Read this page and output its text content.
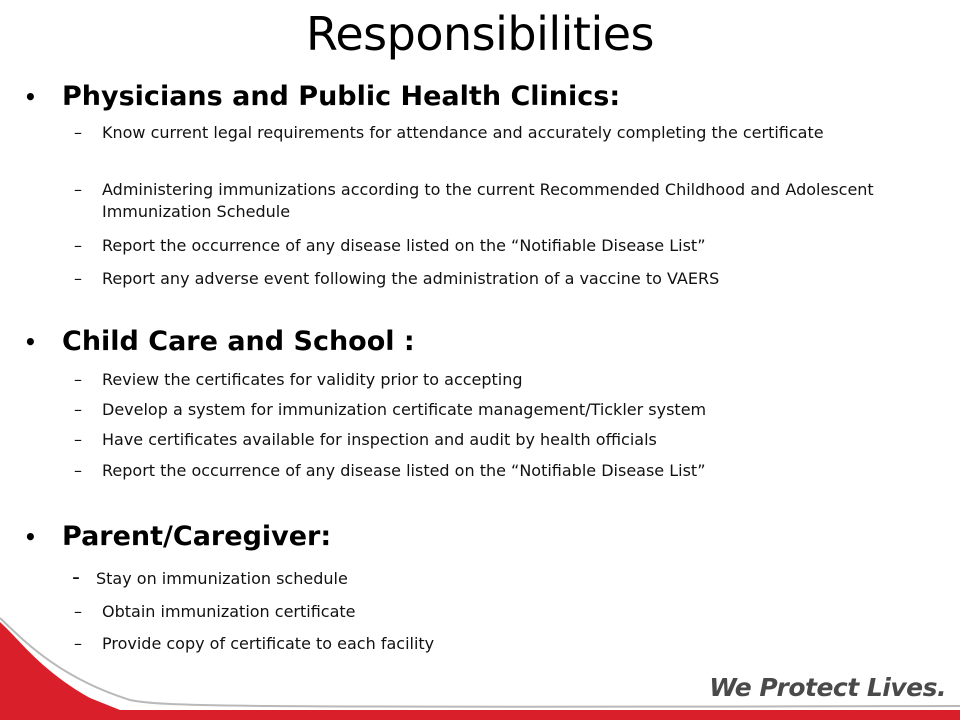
Responsibilities
• Physicians and Public Health Clinics:
–	Know current legal requirements for attendance and accurately completing the certificate
–	Administering immunizations according to the current Recommended Childhood and Adolescent Immunization Schedule
–	Report the occurrence of any disease listed on the “Notifiable Disease List”
–	Report any adverse event following the administration of a vaccine to VAERS
• Child Care and School :
–	Review the certificates for validity prior to accepting
–	Develop a system for immunization certificate management/Tickler system
–	Have certificates available for inspection and audit by health officials
–	Report the occurrence of any disease listed on the “Notifiable Disease List”
• Parent/Caregiver:
-	Stay on immunization schedule
–	Obtain immunization certificate
–	Provide copy of certificate to each facility
We Protect Lives.
